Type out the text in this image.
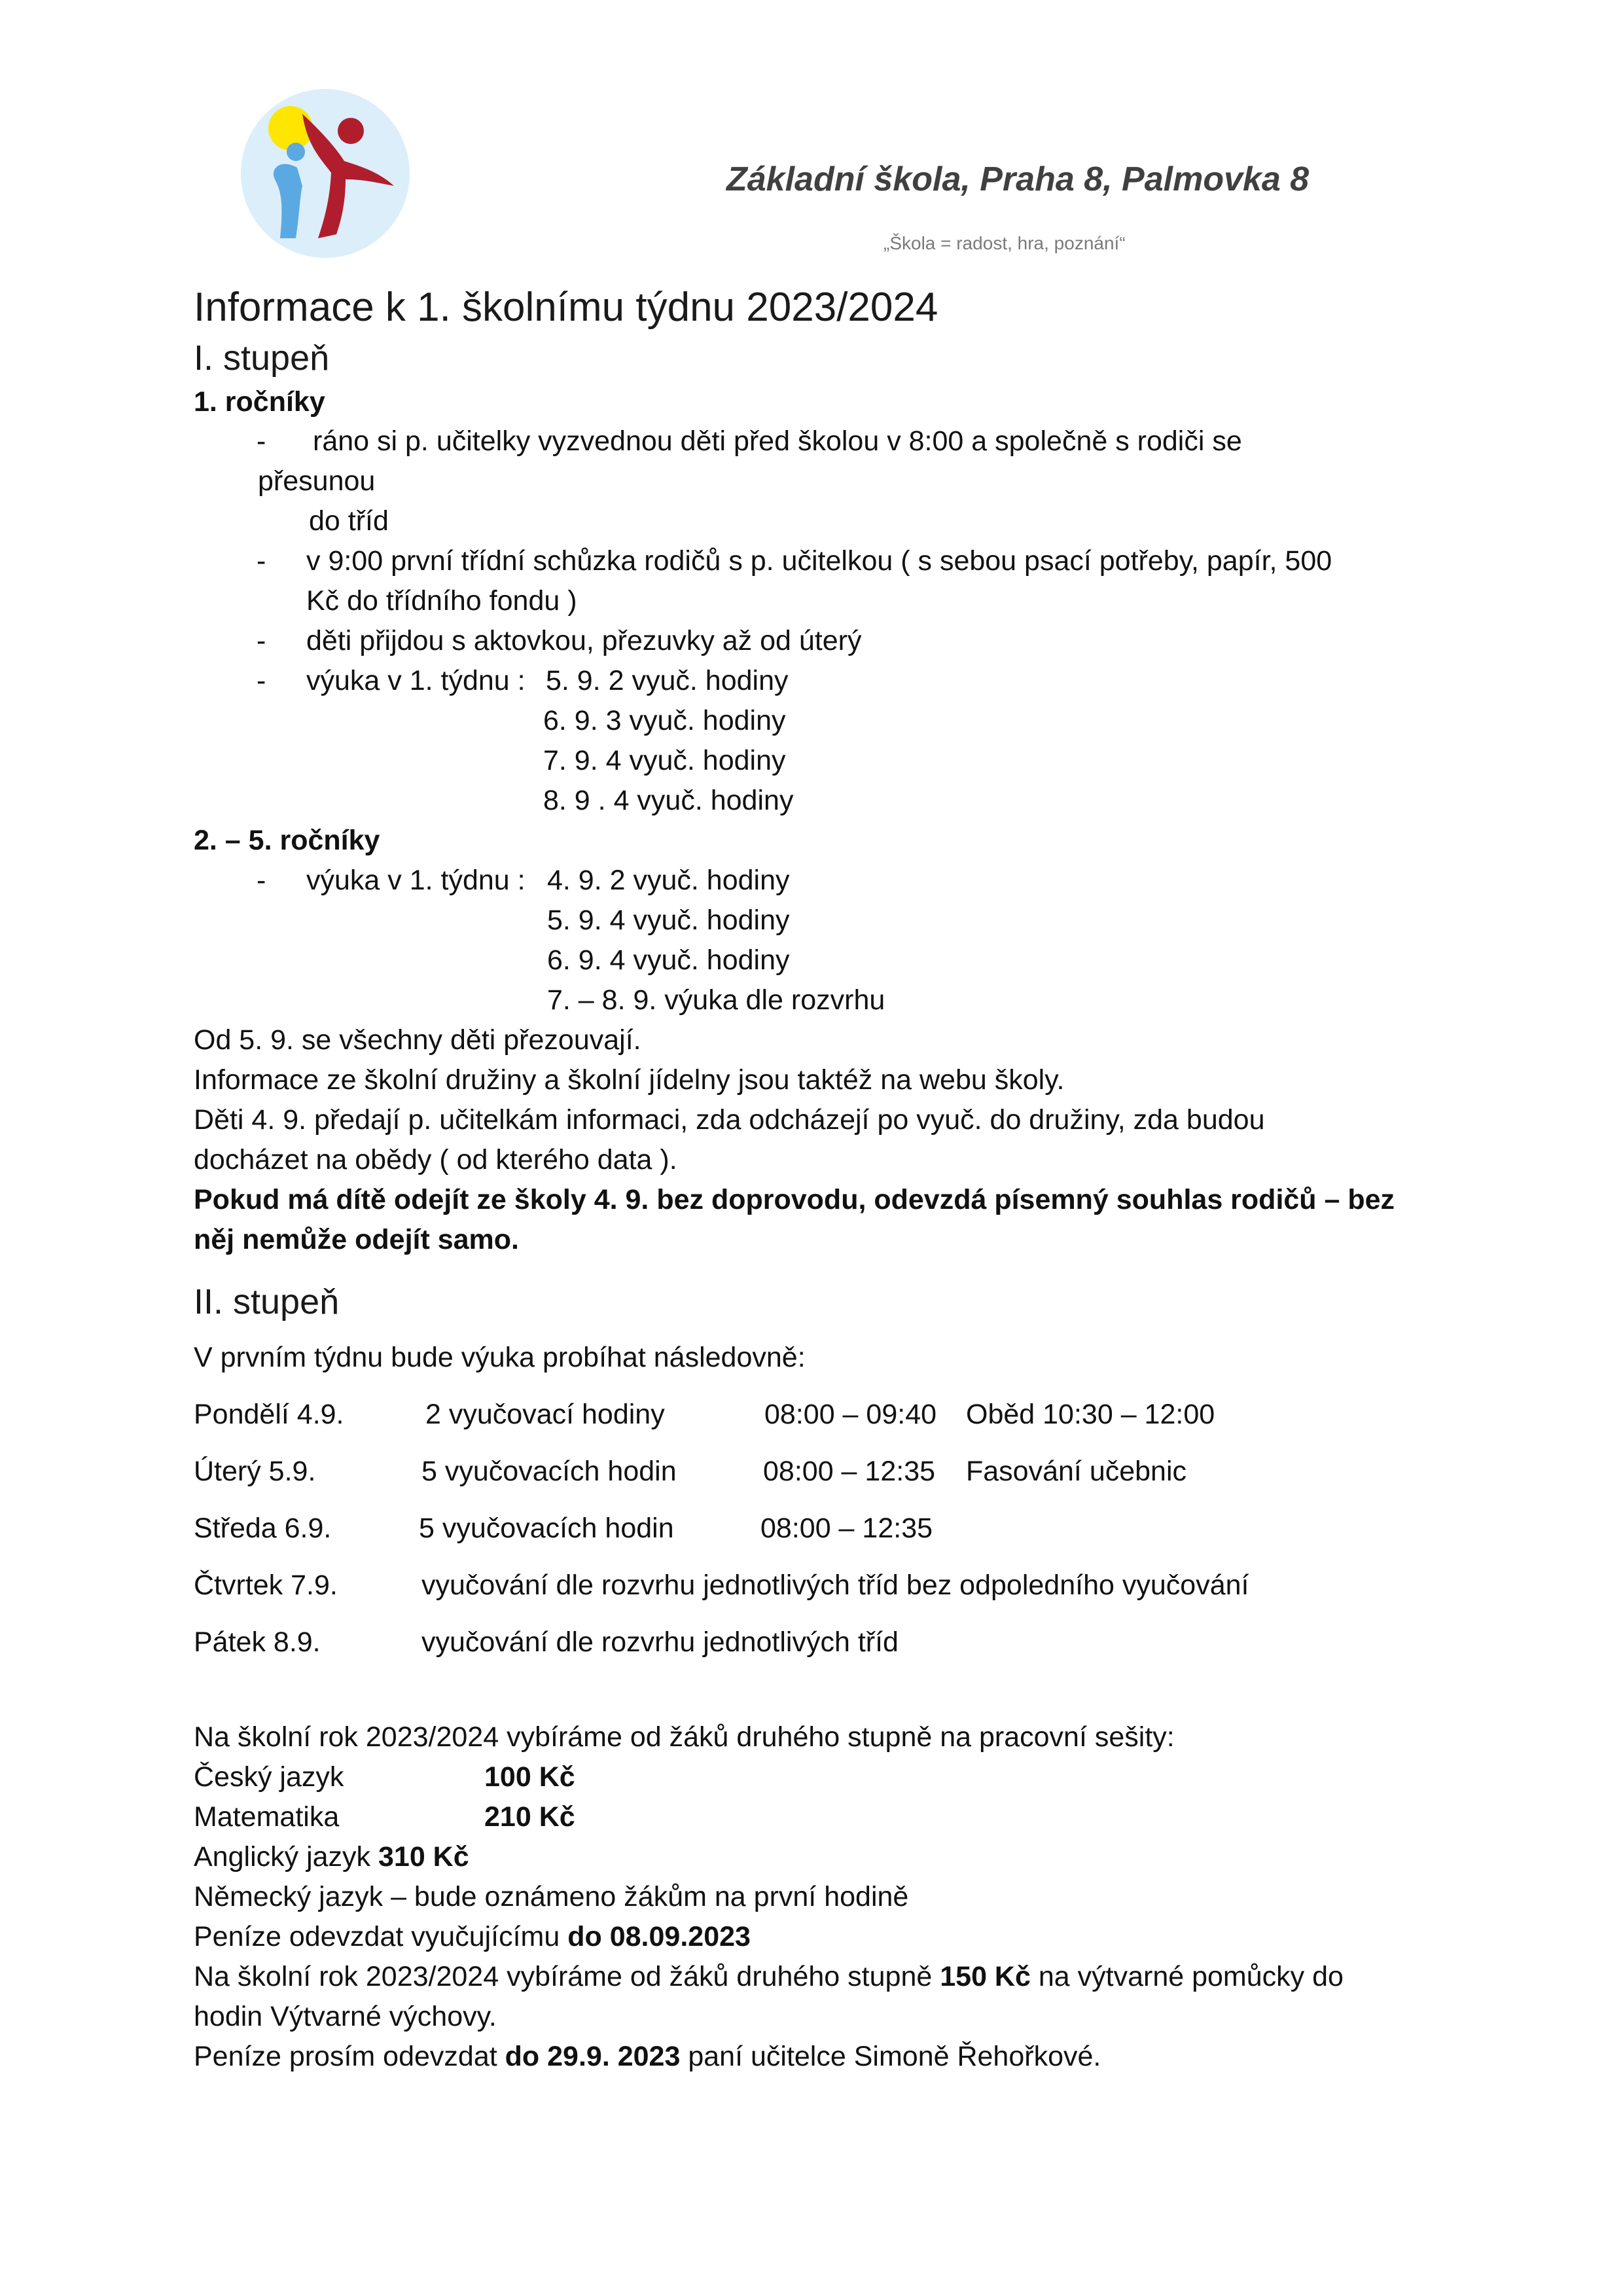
Základní škola, Praha 8, Palmovka 8
„Škola = radost, hra, poznání“
Informace k 1. školnímu týdnu 2023/2024
I. stupeň
1. ročníky
- ráno si p. učitelky vyzvednou děti před školou v 8:00 a společně s rodiči se
přesunou
do tříd
- v 9:00 první třídní schůzka rodičů s p. učitelkou ( s sebou psací potřeby, papír, 500
Kč do třídního fondu )
- děti přijdou s aktovkou, přezuvky až od úterý
- výuka v 1. týdnu : 5. 9. 2 vyuč. hodiny
6. 9. 3 vyuč. hodiny
7. 9. 4 vyuč. hodiny
8. 9 . 4 vyuč. hodiny
2. – 5. ročníky
- výuka v 1. týdnu : 4. 9. 2 vyuč. hodiny
5. 9. 4 vyuč. hodiny
6. 9. 4 vyuč. hodiny
7. – 8. 9. výuka dle rozvrhu
Od 5. 9. se všechny děti přezouvají.
Informace ze školní družiny a školní jídelny jsou taktéž na webu školy.
Děti 4. 9. předají p. učitelkám informaci, zda odcházejí po vyuč. do družiny, zda budou
docházet na obědy ( od kterého data ).
Pokud má dítě odejít ze školy 4. 9. bez doprovodu, odevzdá písemný souhlas rodičů – bez
něj nemůže odejít samo.
II. stupeň
V prvním týdnu bude výuka probíhat následovně:
Pondělí 4.9.	2 vyučovací hodiny	08:00 – 09:40 Oběd 10:30 – 12:00
Úterý 5.9.	5 vyučovacích hodin	08:00 – 12:35 Fasování učebnic
Středa 6.9.	5 vyučovacích hodin	08:00 – 12:35
Čtvrtek 7.9.	vyučování dle rozvrhu jednotlivých tříd bez odpoledního vyučování
Pátek 8.9.	vyučování dle rozvrhu jednotlivých tříd
Na školní rok 2023/2024 vybíráme od žáků druhého stupně na pracovní sešity:
Český jazyk	100 Kč
Matematika	210 Kč
Anglický jazyk 310 Kč
Německý jazyk – bude oznámeno žákům na první hodině
Peníze odevzdat vyučujícímu do 08.09.2023
Na školní rok 2023/2024 vybíráme od žáků druhého stupně 150 Kč na výtvarné pomůcky do
hodin Výtvarné výchovy.
Peníze prosím odevzdat do 29.9. 2023 paní učitelce Simoně Řehořkové.
